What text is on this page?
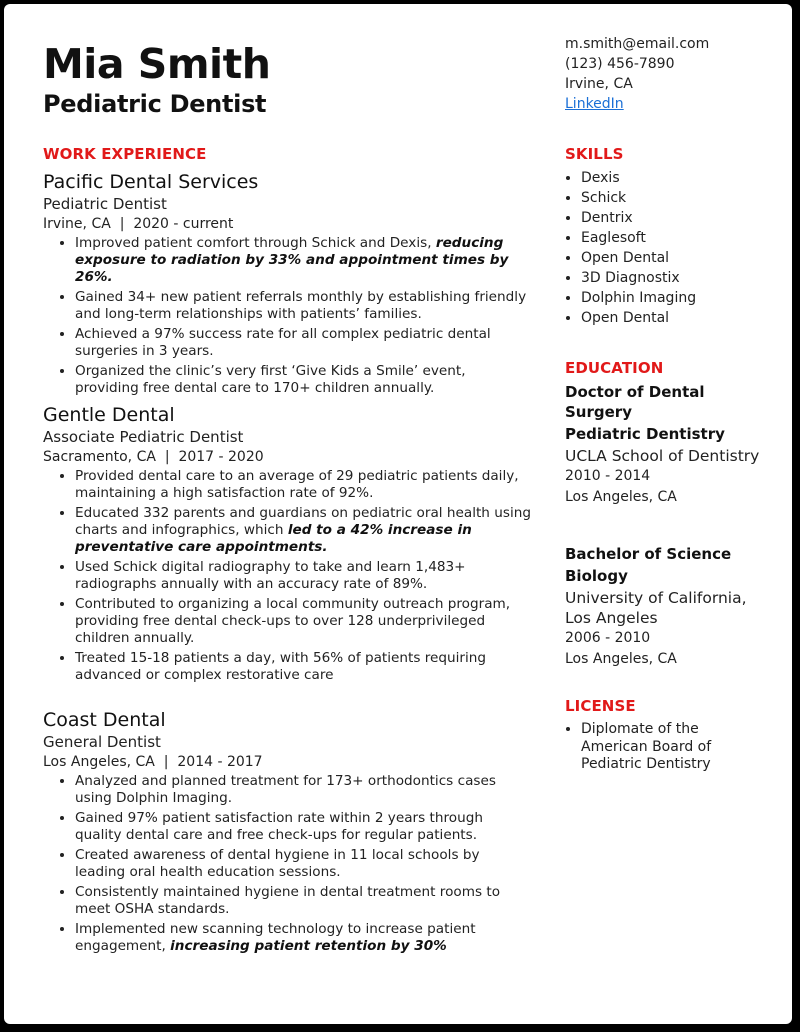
Mia Smith
Pediatric Dentist
m.smith@email.com
(123) 456-7890
Irvine, CA
LinkedIn
WORK EXPERIENCE
Pacific Dental Services
Pediatric Dentist
Irvine, CA  |  2020 - current
• Improved patient comfort through Schick and Dexis, reducing exposure to radiation by 33% and appointment times by 26%.
• Gained 34+ new patient referrals monthly by establishing friendly and long-term relationships with patients’ families.
• Achieved a 97% success rate for all complex pediatric dental surgeries in 3 years.
• Organized the clinic’s very first ‘Give Kids a Smile’ event, providing free dental care to 170+ children annually.
Gentle Dental
Associate Pediatric Dentist
Sacramento, CA  |  2017 - 2020
• Provided dental care to an average of 29 pediatric patients daily, maintaining a high satisfaction rate of 92%.
• Educated 332 parents and guardians on pediatric oral health using charts and infographics, which led to a 42% increase in preventative care appointments.
• Used Schick digital radiography to take and learn 1,483+ radiographs annually with an accuracy rate of 89%.
• Contributed to organizing a local community outreach program, providing free dental check-ups to over 128 underprivileged children annually.
• Treated 15-18 patients a day, with 56% of patients requiring advanced or complex restorative care
Coast Dental
General Dentist
Los Angeles, CA  |  2014 - 2017
• Analyzed and planned treatment for 173+ orthodontics cases using Dolphin Imaging.
• Gained 97% patient satisfaction rate within 2 years through quality dental care and free check-ups for regular patients.
• Created awareness of dental hygiene in 11 local schools by leading oral health education sessions.
• Consistently maintained hygiene in dental treatment rooms to meet OSHA standards.
• Implemented new scanning technology to increase patient engagement, increasing patient retention by 30%
SKILLS
• Dexis
• Schick
• Dentrix
• Eaglesoft
• Open Dental
• 3D Diagnostix
• Dolphin Imaging
• Open Dental
EDUCATION
Doctor of Dental Surgery
Pediatric Dentistry
UCLA School of Dentistry
2010 - 2014
Los Angeles, CA
Bachelor of Science
Biology
University of California, Los Angeles
2006 - 2010
Los Angeles, CA
LICENSE
• Diplomate of the American Board of Pediatric Dentistry
